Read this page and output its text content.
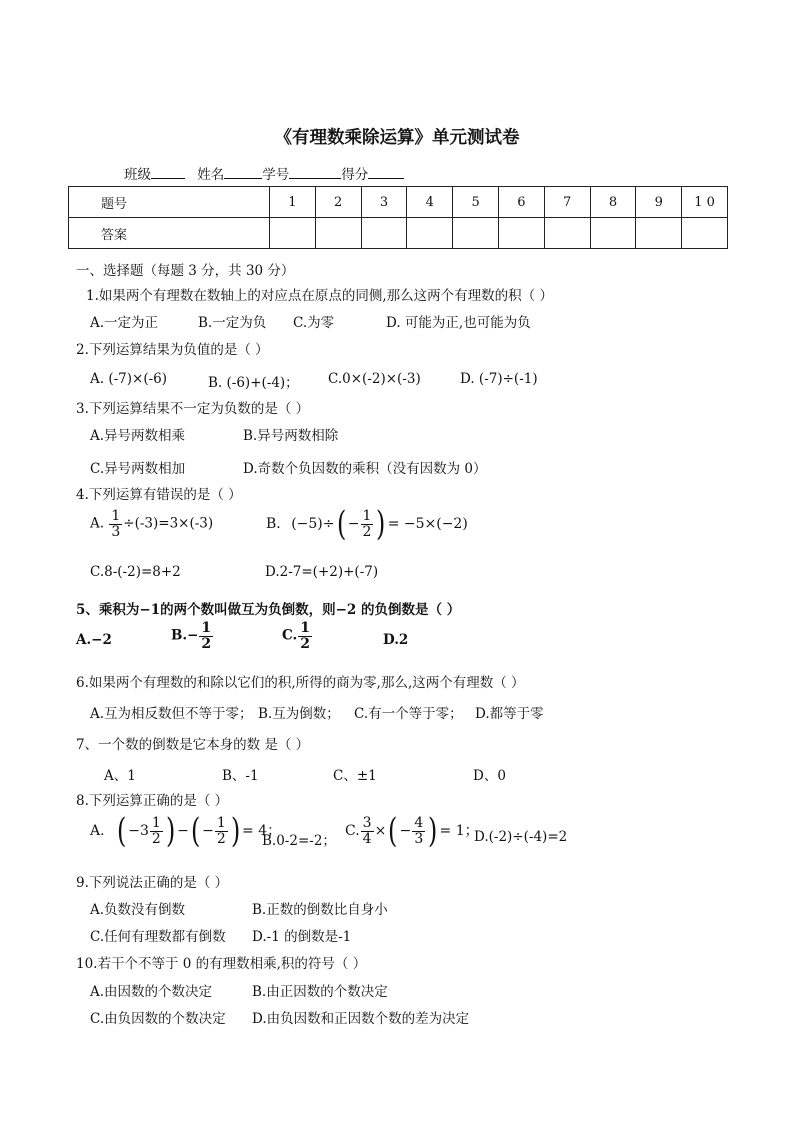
《有理数乘除运算》单元测试卷
班级	姓名	学号	得分
题号	1	2	3	4	5	6	7	8	9	1 0
答案										
一、选择题（每题 3 分，共 30 分）
1.如果两个有理数在数轴上的对应点在原点的同侧,那么这两个有理数的积（ ）
A.一定为正	B.一定为负 C.为零	D. 可能为正,也可能为负
2.下列运算结果为负值的是（ ）
A. (-7)×(-6)	B. (-6)+(-4)； C.0×(-2)×(-3)	D. (-7)÷(-1)
3.下列运算结果不一定为负数的是（ ）
A.异号两数相乘	B.异号两数相除
C.异号两数相加	D.奇数个负因数的乘积（没有因数为 0）
4.下列运算有错误的是（ ）
A. $\frac{1}{3} \div(-3)=3\times(-3)$	B. $(-5)\div( - \frac{1}{2}$ ) = −5×(−2)
C.8-(-2)=8+2	D.2-7=(+2)+(-7)
5、乘积为−1的两个数叫做互为负倒数，则−2 的负倒数是（ ）
A.−2	$B.- \frac{1}{2}$	C. $\frac{1}{2}$	D.2
6.如果两个有理数的和除以它们的积,所得的商为零,那么,这两个有理数（ ）
A.互为相反数但不等于零； B.互为倒数； C.有一个等于零； D.都等于零
7、一个数的倒数是它本身的数 是（ ）
A、1	B、-1	C、±1	D、0
8.下列运算正确的是（ ）
A. ( $-3 \frac{1}{2}$ ) −( − $\frac{1}{2}$ ) = 4；
B.0-2=-2；
C. $\frac{3}{4}$ ×( − $\frac{4}{3}$ ) = 1；
D.(-2)÷(-4)=2
9.下列说法正确的是（ ）
A.负数没有倒数	B.正数的倒数比自身小
C.任何有理数都有倒数 D.-1 的倒数是-1
10.若干个不等于 0 的有理数相乘,积的符号（ ）
A.由因数的个数决定	B.由正因数的个数决定
C.由负因数的个数决定 D.由负因数和正因数个数的差为决定
